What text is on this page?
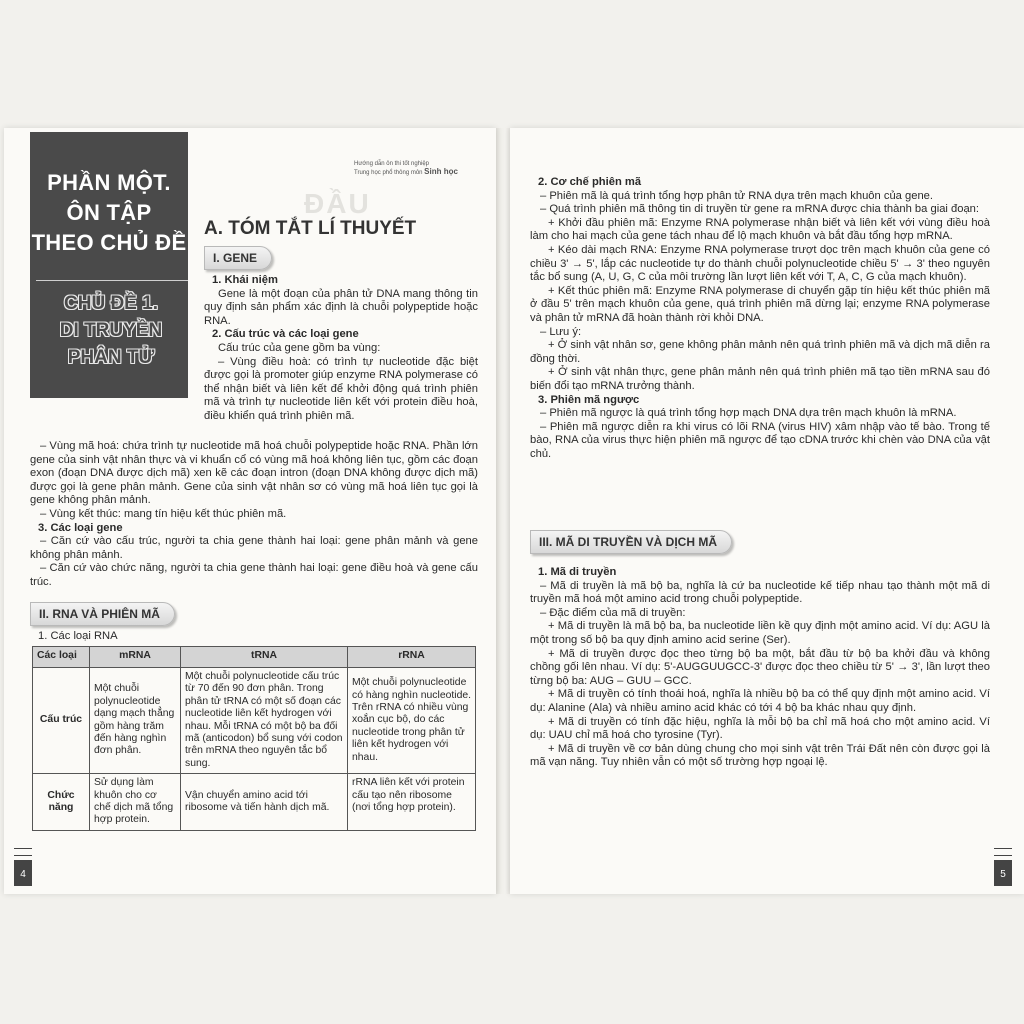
PHẦN MỘT.
ÔN TẬP
THEO CHỦ ĐỀ
CHỦ ĐỀ 1.
DI TRUYỀN
PHÂN TỬ
ĐẦU
Hướng dẫn ôn thi tốt nghiệp
Trung học phổ thông môn Sinh học
A. TÓM TẮT LÍ THUYẾT
I. GENE

1. Khái niệm

Gene là một đoạn của phân tử DNA mang thông tin quy định sản phẩm xác định là chuỗi polypeptide hoặc RNA.

2. Cấu trúc và các loại gene

Cấu trúc của gene gồm ba vùng:

– Vùng điều hoà: có trình tự nucleotide đặc biệt được gọi là promoter giúp enzyme RNA polymerase có thể nhận biết và liên kết để khởi động quá trình phiên mã và trình tự nucleotide liên kết với protein điều hoà, điều khiển quá trình phiên mã.

– Vùng mã hoá: chứa trình tự nucleotide mã hoá chuỗi polypeptide hoặc RNA. Phần lớn gene của sinh vật nhân thực và vi khuẩn cổ có vùng mã hoá không liên tục, gồm các đoạn exon (đoạn DNA được dịch mã) xen kẽ các đoạn intron (đoạn DNA không được dịch mã) được gọi là gene phân mảnh. Gene của sinh vật nhân sơ có vùng mã hoá liên tục gọi là gene không phân mảnh.

– Vùng kết thúc: mang tín hiệu kết thúc phiên mã.

3. Các loại gene

– Căn cứ vào cấu trúc, người ta chia gene thành hai loại: gene phân mảnh và gene không phân mảnh.

– Căn cứ vào chức năng, người ta chia gene thành hai loại: gene điều hoà và gene cấu trúc.

II. RNA VÀ PHIÊN MÃ
1. Các loại RNA
Các loại	mRNA	tRNA	rRNA
Cấu trúc	Một chuỗi polynucleotide dạng mạch thẳng gồm hàng trăm đến hàng nghìn đơn phân.	Một chuỗi polynucleotide cấu trúc từ 70 đến 90 đơn phân. Trong phân tử tRNA có một số đoạn các nucleotide liên kết hydrogen với nhau. Mỗi tRNA có một bộ ba đối mã (anticodon) bổ sung với codon trên mRNA theo nguyên tắc bổ sung.	Một chuỗi polynucleotide có hàng nghìn nucleotide. Trên rRNA có nhiều vùng xoắn cục bộ, do các nucleotide trong phân tử liên kết hydrogen với nhau.
Chức năng	Sử dụng làm khuôn cho cơ chế dịch mã tổng hợp protein.	Vận chuyển amino acid tới ribosome và tiến hành dịch mã.	rRNA liên kết với protein cấu tạo nên ribosome (nơi tổng hợp protein).
4

2. Cơ chế phiên mã

– Phiên mã là quá trình tổng hợp phân tử RNA dựa trên mạch khuôn của gene.

– Quá trình phiên mã thông tin di truyền từ gene ra mRNA được chia thành ba giai đoạn:

+ Khởi đầu phiên mã: Enzyme RNA polymerase nhận biết và liên kết với vùng điều hoà làm cho hai mạch của gene tách nhau để lộ mạch khuôn và bắt đầu tổng hợp mRNA.

+ Kéo dài mạch RNA: Enzyme RNA polymerase trượt dọc trên mạch khuôn của gene có chiều 3' → 5', lắp các nucleotide tự do thành chuỗi polynucleotide chiều 5' → 3' theo nguyên tắc bổ sung (A, U, G, C của môi trường lần lượt liên kết với T, A, C, G của mạch khuôn).

+ Kết thúc phiên mã: Enzyme RNA polymerase di chuyển gặp tín hiệu kết thúc phiên mã ở đầu 5' trên mạch khuôn của gene, quá trình phiên mã dừng lại; enzyme RNA polymerase và phân tử mRNA đã hoàn thành rời khỏi DNA.

– Lưu ý:

+ Ở sinh vật nhân sơ, gene không phân mảnh nên quá trình phiên mã và dịch mã diễn ra đồng thời.

+ Ở sinh vật nhân thực, gene phân mảnh nên quá trình phiên mã tạo tiền mRNA sau đó biến đổi tạo mRNA trưởng thành.

3. Phiên mã ngược

– Phiên mã ngược là quá trình tổng hợp mạch DNA dựa trên mạch khuôn là mRNA.

– Phiên mã ngược diễn ra khi virus có lõi RNA (virus HIV) xâm nhập vào tế bào. Trong tế bào, RNA của virus thực hiện phiên mã ngược để tạo cDNA trước khi chèn vào DNA của vật chủ.

III. MÃ DI TRUYỀN VÀ DỊCH MÃ

1. Mã di truyền

– Mã di truyền là mã bộ ba, nghĩa là cứ ba nucleotide kế tiếp nhau tạo thành một mã di truyền mã hoá một amino acid trong chuỗi polypeptide.

– Đặc điểm của mã di truyền:

+ Mã di truyền là mã bộ ba, ba nucleotide liền kề quy định một amino acid. Ví dụ: AGU là một trong số bộ ba quy định amino acid serine (Ser).

+ Mã di truyền được đọc theo từng bộ ba một, bắt đầu từ bộ ba khởi đầu và không chồng gối lên nhau. Ví dụ: 5'-AUGGUUGCC-3' được đọc theo chiều từ 5' → 3', lần lượt theo từng bộ ba: AUG – GUU – GCC.

+ Mã di truyền có tính thoái hoá, nghĩa là nhiều bộ ba có thể quy định một amino acid. Ví dụ: Alanine (Ala) và nhiều amino acid khác có tới 4 bộ ba khác nhau quy định.

+ Mã di truyền có tính đặc hiệu, nghĩa là mỗi bộ ba chỉ mã hoá cho một amino acid. Ví dụ: UAU chỉ mã hoá cho tyrosine (Tyr).

+ Mã di truyền về cơ bản dùng chung cho mọi sinh vật trên Trái Đất nên còn được gọi là mã vạn năng. Tuy nhiên vẫn có một số trường hợp ngoại lệ.

5
